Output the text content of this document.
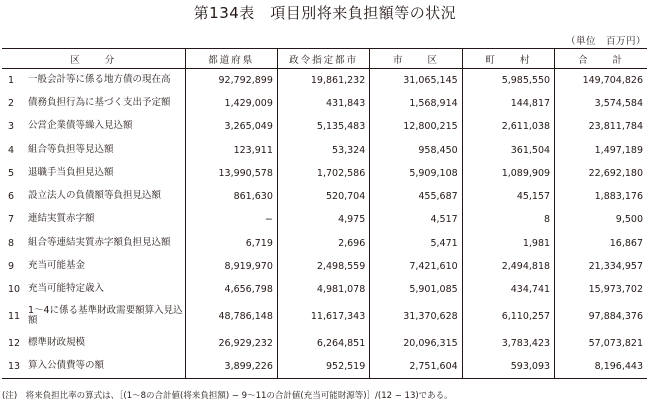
第134表　項目別将来負担額等の状況
（単位　百万円）
区　　分	都道府県	政令指定都市	市　　区	町　　村	合　　計

1 一般会計等に係る地方債の現在高	92,792,899	19,861,232	31,065,145	5,985,550	149,704,826

2 債務負担行為に基づく支出予定額	1,429,009	431,843	1,568,914	144,817	3,574,584

3 公営企業債等繰入見込額	3,265,049	5,135,483	12,800,215	2,611,038	23,811,784

4 組合等負担等見込額	123,911	53,324	958,450	361,504	1,497,189

5 退職手当負担見込額	13,990,578	1,702,586	5,909,108	1,089,909	22,692,180

6 設立法人の負債額等負担見込額	861,630	520,704	455,687	45,157	1,883,176

7 連結実質赤字額	−	4,975	4,517	8	9,500

8 組合等連結実質赤字額負担見込額	6,719	2,696	5,471	1,981	16,867

9 充当可能基金	8,919,970	2,498,559	7,421,610	2,494,818	21,334,957

10 充当可能特定歳入	4,656,798	4,981,078	5,901,085	434,741	15,973,702

11
1〜4に係る基準財政需要額算入見込額	48,786,148	11,617,343	31,370,628	6,110,257	97,884,376

12 標準財政規模	26,929,232	6,264,851	20,096,315	3,783,423	57,073,821

13 算入公債費等の額	3,899,226	952,519	2,751,604	593,093	8,196,443
(注)　将来負担比率の算式は、［(1〜8の合計値(将来負担額) − 9〜11の合計値(充当可能財源等)］/(12 − 13)である。
